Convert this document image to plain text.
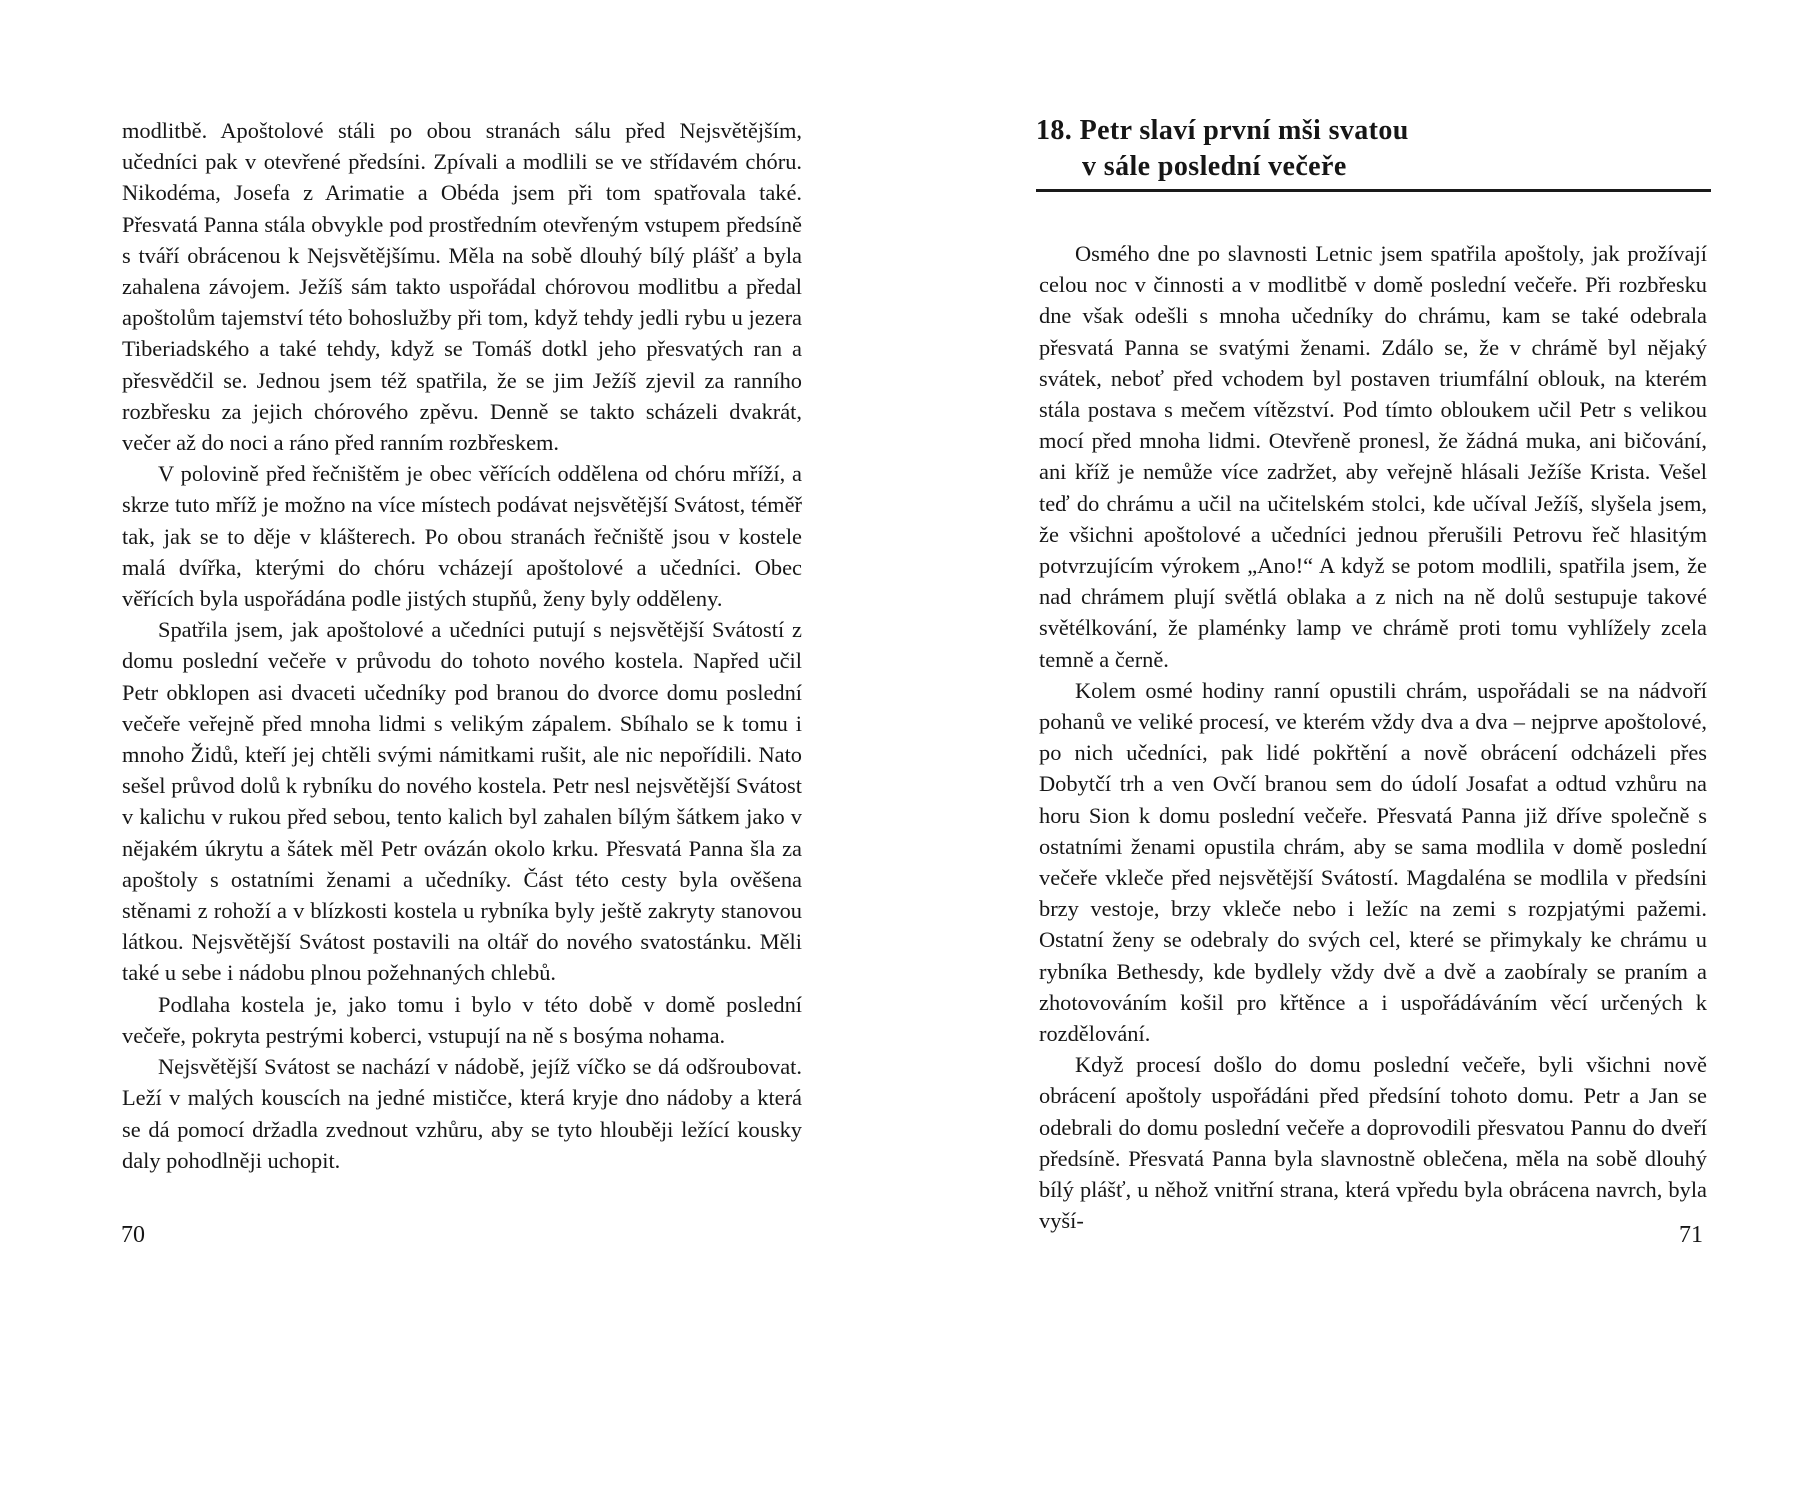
modlitbě. Apoštolové stáli po obou stranách sálu před Nejsvětějším, učedníci pak v otevřené předsíni. Zpívali a modlili se ve střídavém chóru. Nikodéma, Josefa z Arimatie a Obéda jsem při tom spatřovala také. Přesvatá Panna stála obvykle pod prostředním otevřeným vstupem předsíně s tváří obrácenou k Nejsvětějšímu. Měla na sobě dlouhý bílý plášť a byla zahalena závojem. Ježíš sám takto uspořádal chórovou modlitbu a předal apoštolům tajemství této bohoslužby při tom, když tehdy jedli rybu u jezera Tiberiadského a také tehdy, když se Tomáš dotkl jeho přesvatých ran a přesvědčil se. Jednou jsem též spatřila, že se jim Ježíš zjevil za ranního rozbřesku za jejich chórového zpěvu. Denně se takto scházeli dvakrát, večer až do noci a ráno před ranním rozbřeskem.

V polovině před řečništěm je obec věřících oddělena od chóru mříží, a skrze tuto mříž je možno na více místech podávat nejsvětější Svátost, téměř tak, jak se to děje v klášterech. Po obou stranách řečniště jsou v kostele malá dvířka, kterými do chóru vcházejí apoštolové a učedníci. Obec věřících byla uspořádána podle jistých stupňů, ženy byly odděleny.

Spatřila jsem, jak apoštolové a učedníci putují s nejsvětější Svátostí z domu poslední večeře v průvodu do tohoto nového kostela. Napřed učil Petr obklopen asi dvaceti učedníky pod branou do dvorce domu poslední večeře veřejně před mnoha lidmi s velikým zápalem. Sbíhalo se k tomu i mnoho Židů, kteří jej chtěli svými námitkami rušit, ale nic nepořídili. Nato sešel průvod dolů k rybníku do nového kostela. Petr nesl nejsvětější Svátost v kalichu v rukou před sebou, tento kalich byl zahalen bílým šátkem jako v nějakém úkrytu a šátek měl Petr ovázán okolo krku. Přesvatá Panna šla za apoštoly s ostatními ženami a učedníky. Část této cesty byla ověšena stěnami z rohoží a v blízkosti kostela u rybníka byly ještě zakryty stanovou látkou. Nejsvětější Svátost postavili na oltář do nového svatostánku. Měli také u sebe i nádobu plnou požehnaných chlebů.

Podlaha kostela je, jako tomu i bylo v této době v domě poslední večeře, pokryta pestrými koberci, vstupují na ně s bosýma nohama.

Nejsvětější Svátost se nachází v nádobě, jejíž víčko se dá odšroubovat. Leží v malých kouscích na jedné mističce, která kryje dno nádoby a která se dá pomocí držadla zvednout vzhůru, aby se tyto hlouběji ležící kousky daly pohodlněji uchopit.

70
18. Petr slaví první mši svatou
v sále poslední večeře

Osmého dne po slavnosti Letnic jsem spatřila apoštoly, jak prožívají celou noc v činnosti a v modlitbě v domě poslední večeře. Při rozbřesku dne však odešli s mnoha učedníky do chrámu, kam se také odebrala přesvatá Panna se svatými ženami. Zdálo se, že v chrámě byl nějaký svátek, neboť před vchodem byl postaven triumfální oblouk, na kterém stála postava s mečem vítězství. Pod tímto obloukem učil Petr s velikou mocí před mnoha lidmi. Otevřeně pronesl, že žádná muka, ani bičování, ani kříž je nemůže více zadržet, aby veřejně hlásali Ježíše Krista. Vešel teď do chrámu a učil na učitelském stolci, kde učíval Ježíš, slyšela jsem, že všichni apoštolové a učedníci jednou přerušili Petrovu řeč hlasitým potvrzujícím výrokem „Ano!“ A když se potom modlili, spatřila jsem, že nad chrámem plují světlá oblaka a z nich na ně dolů sestupuje takové světélkování, že plaménky lamp ve chrámě proti tomu vyhlížely zcela temně a černě.

Kolem osmé hodiny ranní opustili chrám, uspořádali se na nádvoří pohanů ve veliké procesí, ve kterém vždy dva a dva – nejprve apoštolové, po nich učedníci, pak lidé pokřtění a nově obrácení odcházeli přes Dobytčí trh a ven Ovčí branou sem do údolí Josafat a odtud vzhůru na horu Sion k domu poslední večeře. Přesvatá Panna již dříve společně s ostatními ženami opustila chrám, aby se sama modlila v domě poslední večeře vkleče před nejsvětější Svátostí. Magdaléna se modlila v předsíni brzy vestoje, brzy vkleče nebo i ležíc na zemi s rozpjatými pažemi. Ostatní ženy se odebraly do svých cel, které se přimykaly ke chrámu u rybníka Bethesdy, kde bydlely vždy dvě a dvě a zaobíraly se praním a zhotovováním košil pro křtěnce a i uspořádáváním věcí určených k rozdělování.

Když procesí došlo do domu poslední večeře, byli všichni nově obrácení apoštoly uspořádáni před předsíní tohoto domu. Petr a Jan se odebrali do domu poslední večeře a doprovodili přesvatou Pannu do dveří předsíně. Přesvatá Panna byla slavnostně oblečena, měla na sobě dlouhý bílý plášť, u něhož vnitřní strana, která vpředu byla obrácena navrch, byla vyší-

71
